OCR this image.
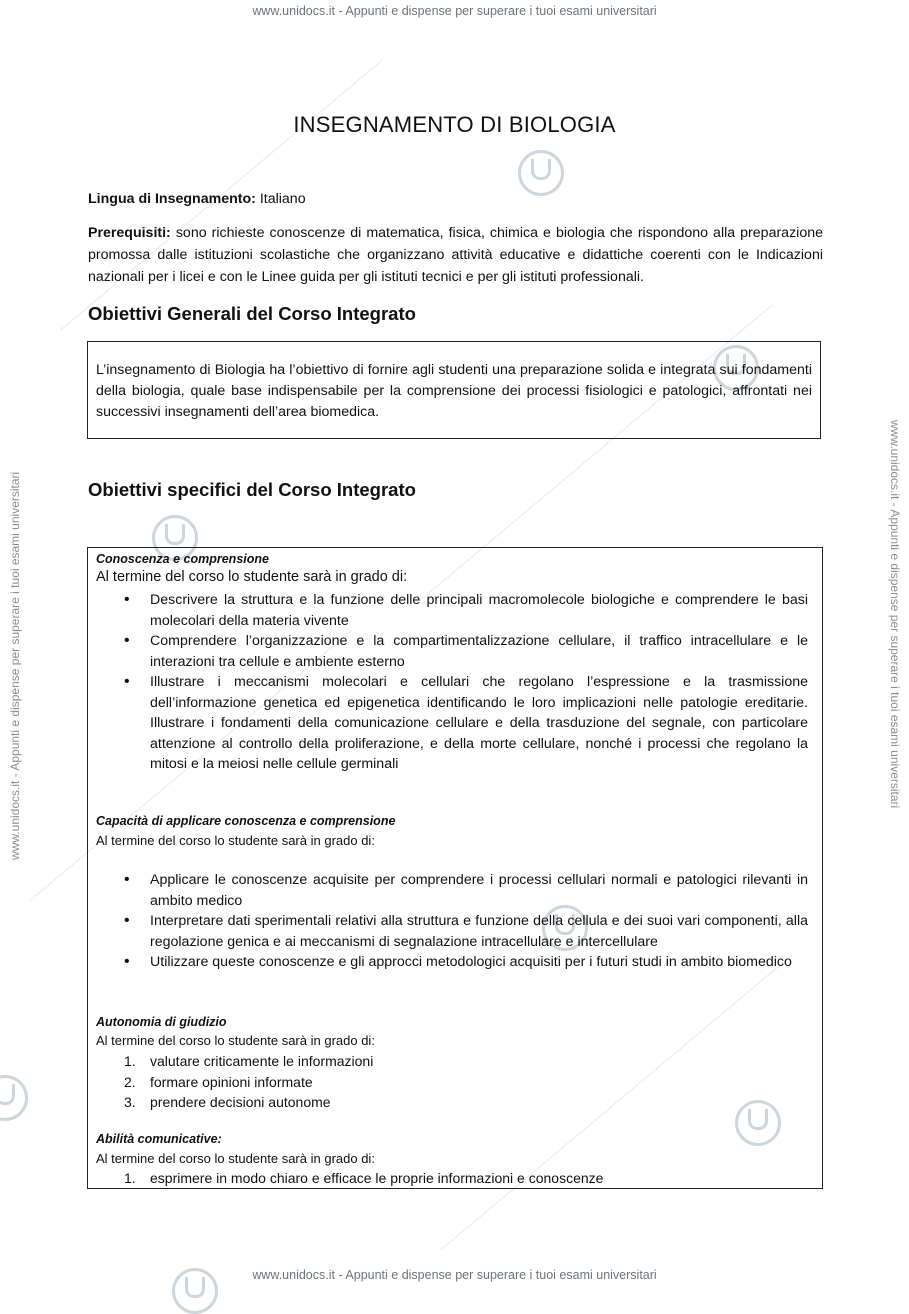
www.unidocs.it - Appunti e dispense per superare i tuoi esami universitari
www.unidocs.it - Appunti e dispense per superare i tuoi esami universitari
www.unidocs.it - Appunti e dispense per superare i tuoi esami universitari	www.unidocs.it - Appunti e dispense per superare i tuoi esami universitari
INSEGNAMENTO DI BIOLOGIA
Lingua di Insegnamento: Italiano
Prerequisiti: sono richieste conoscenze di matematica, fisica, chimica e biologia che rispondono alla preparazione promossa dalle istituzioni scolastiche che organizzano attività educative e didattiche coerenti con le Indicazioni nazionali per i licei e con le Linee guida per gli istituti tecnici e per gli istituti professionali.
Obiettivi Generali del Corso Integrato

L’insegnamento di Biologia ha l’obiettivo di fornire agli studenti una preparazione solida e integrata sui fondamenti della biologia, quale base indispensabile per la comprensione dei processi fisiologici e patologici, affrontati nei successivi insegnamenti dell’area biomedica.

Obiettivi specifici del Corso Integrato
Conoscenza e comprensione
Al termine del corso lo studente sarà in grado di:
• Descrivere la struttura e la funzione delle principali macromolecole biologiche e comprendere le basi molecolari della materia vivente
• Comprendere l’organizzazione e la compartimentalizzazione cellulare, il traffico intracellulare e le interazioni tra cellule e ambiente esterno
• Illustrare i meccanismi molecolari e cellulari che regolano l’espressione e la trasmissione dell’informazione genetica ed epigenetica identificando le loro implicazioni nelle patologie ereditarie. Illustrare i fondamenti della comunicazione cellulare e della trasduzione del segnale, con particolare attenzione al controllo della proliferazione, e della morte cellulare, nonché i processi che regolano la mitosi e la meiosi nelle cellule germinali
Capacità di applicare conoscenza e comprensione
Al termine del corso lo studente sarà in grado di:
• Applicare le conoscenze acquisite per comprendere i processi cellulari normali e patologici rilevanti in ambito medico
• Interpretare dati sperimentali relativi alla struttura e funzione della cellula e dei suoi vari componenti, alla regolazione genica e ai meccanismi di segnalazione intracellulare e intercellulare
• Utilizzare queste conoscenze e gli approcci metodologici acquisiti per i futuri studi in ambito biomedico
Autonomia di giudizio
Al termine del corso lo studente sarà in grado di:
1. valutare criticamente le informazioni
2. formare opinioni informate
3. prendere decisioni autonome
Abilità comunicative:
Al termine del corso lo studente sarà in grado di:
1. esprimere in modo chiaro e efficace le proprie informazioni e conoscenze
